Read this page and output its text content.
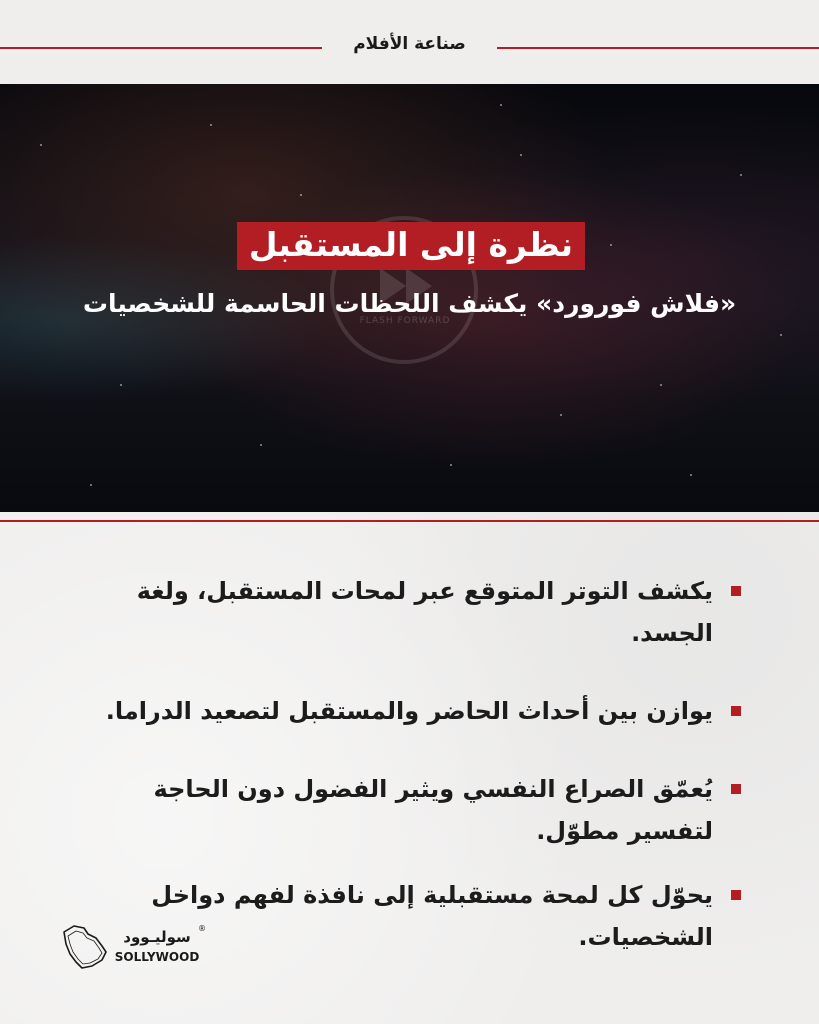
صناعة الأفلام
FLASH FORWARD
نظرة إلى المستقبل
«فلاش فورورد» يكشف اللحظات الحاسمة للشخصيات
يكشف التوتر المتوقع عبر لمحات المستقبل، ولغة الجسد.
يوازن بين أحداث الحاضر والمستقبل لتصعيد الدراما.
يُعمّق الصراع النفسي ويثير الفضول دون الحاجة لتفسير مطوّل.
يحوّل كل لمحة مستقبلية إلى نافذة لفهم دواخل الشخصيات.
سوليـوود
SOLLYWOOD
®
